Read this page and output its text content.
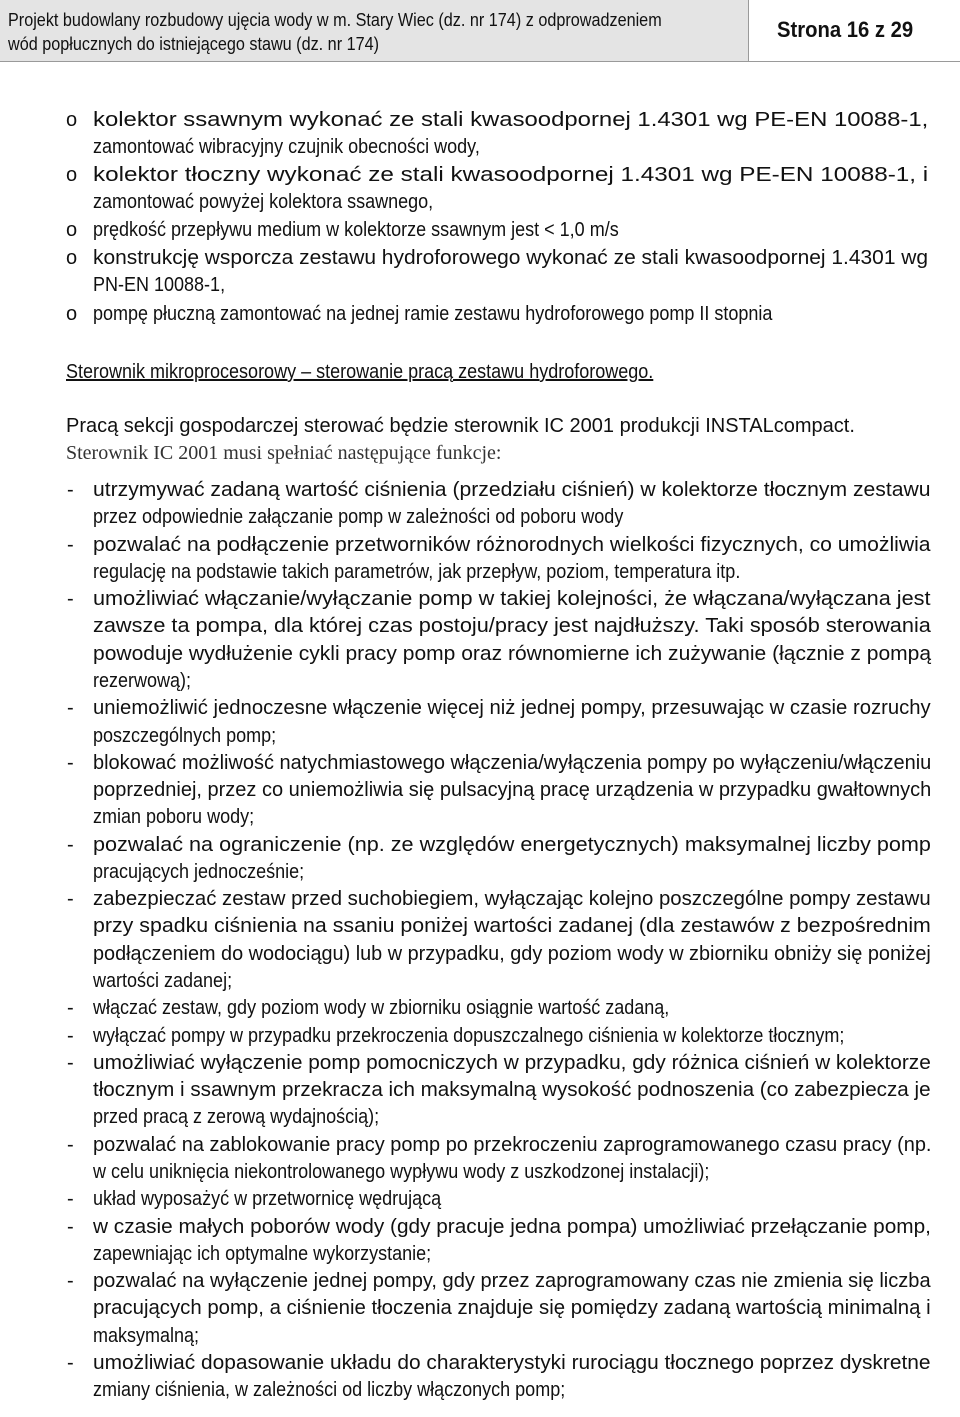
Projekt budowlany rozbudowy ujęcia wody w m. Stary Wiec (dz. nr 174) z odprowadzeniem
wód popłucznych do istniejącego stawu (dz. nr 174)
Strona 16 z 29
o kolektor ssawnym wykonać ze stali kwasoodpornej 1.4301 wg PE-EN 10088-1,
zamontować wibracyjny czujnik obecności wody,
o kolektor tłoczny wykonać ze stali kwasoodpornej 1.4301 wg PE-EN 10088-1, i
zamontować powyżej kolektora ssawnego,
o prędkość przepływu medium w kolektorze ssawnym jest < 1,0 m/s
o konstrukcję wsporcza zestawu hydroforowego wykonać ze stali kwasoodpornej 1.4301 wg
PN-EN 10088-1,
o pompę płuczną zamontować na jednej ramie zestawu hydroforowego pomp II stopnia
Sterownik mikroprocesorowy – sterowanie pracą zestawu hydroforowego.
Pracą sekcji gospodarczej sterować będzie sterownik IC 2001 produkcji INSTALcompact.
Sterownik IC 2001 musi spełniać następujące funkcje:
- utrzymywać zadaną wartość ciśnienia (przedziału ciśnień) w kolektorze tłocznym zestawu
przez odpowiednie załączanie pomp w zależności od poboru wody
- pozwalać na podłączenie przetworników różnorodnych wielkości fizycznych, co umożliwia
regulację na podstawie takich parametrów, jak przepływ, poziom, temperatura itp.
- umożliwiać włączanie/wyłączanie pomp w takiej kolejności, że włączana/wyłączana jest
zawsze ta pompa, dla której czas postoju/pracy jest najdłuższy. Taki sposób sterowania
powoduje wydłużenie cykli pracy pomp oraz równomierne ich zużywanie (łącznie z pompą
rezerwową);
- uniemożliwić jednoczesne włączenie więcej niż jednej pompy, przesuwając w czasie rozruchy
poszczególnych pomp;
- blokować możliwość natychmiastowego włączenia/wyłączenia pompy po wyłączeniu/włączeniu
poprzedniej, przez co uniemożliwia się pulsacyjną pracę urządzenia w przypadku gwałtownych
zmian poboru wody;
- pozwalać na ograniczenie (np. ze względów energetycznych) maksymalnej liczby pomp
pracujących jednocześnie;
- zabezpieczać zestaw przed suchobiegiem, wyłączając kolejno poszczególne pompy zestawu
przy spadku ciśnienia na ssaniu poniżej wartości zadanej (dla zestawów z bezpośrednim
podłączeniem do wodociągu) lub w przypadku, gdy poziom wody w zbiorniku obniży się poniżej
wartości zadanej;
- włączać zestaw, gdy poziom wody w zbiorniku osiągnie wartość zadaną,
- wyłączać pompy w przypadku przekroczenia dopuszczalnego ciśnienia w kolektorze tłocznym;
- umożliwiać wyłączenie pomp pomocniczych w przypadku, gdy różnica ciśnień w kolektorze
tłocznym i ssawnym przekracza ich maksymalną wysokość podnoszenia (co zabezpiecza je
przed pracą z zerową wydajnością);
- pozwalać na zablokowanie pracy pomp po przekroczeniu zaprogramowanego czasu pracy (np.
w celu uniknięcia niekontrolowanego wypływu wody z uszkodzonej instalacji);
- układ wyposażyć w przetwornicę wędrującą
- w czasie małych poborów wody (gdy pracuje jedna pompa) umożliwiać przełączanie pomp,
zapewniając ich optymalne wykorzystanie;
- pozwalać na wyłączenie jednej pompy, gdy przez zaprogramowany czas nie zmienia się liczba
pracujących pomp, a ciśnienie tłoczenia znajduje się pomiędzy zadaną wartością minimalną i
maksymalną;
- umożliwiać dopasowanie układu do charakterystyki rurociągu tłocznego poprzez dyskretne
zmiany ciśnienia, w zależności od liczby włączonych pomp;
